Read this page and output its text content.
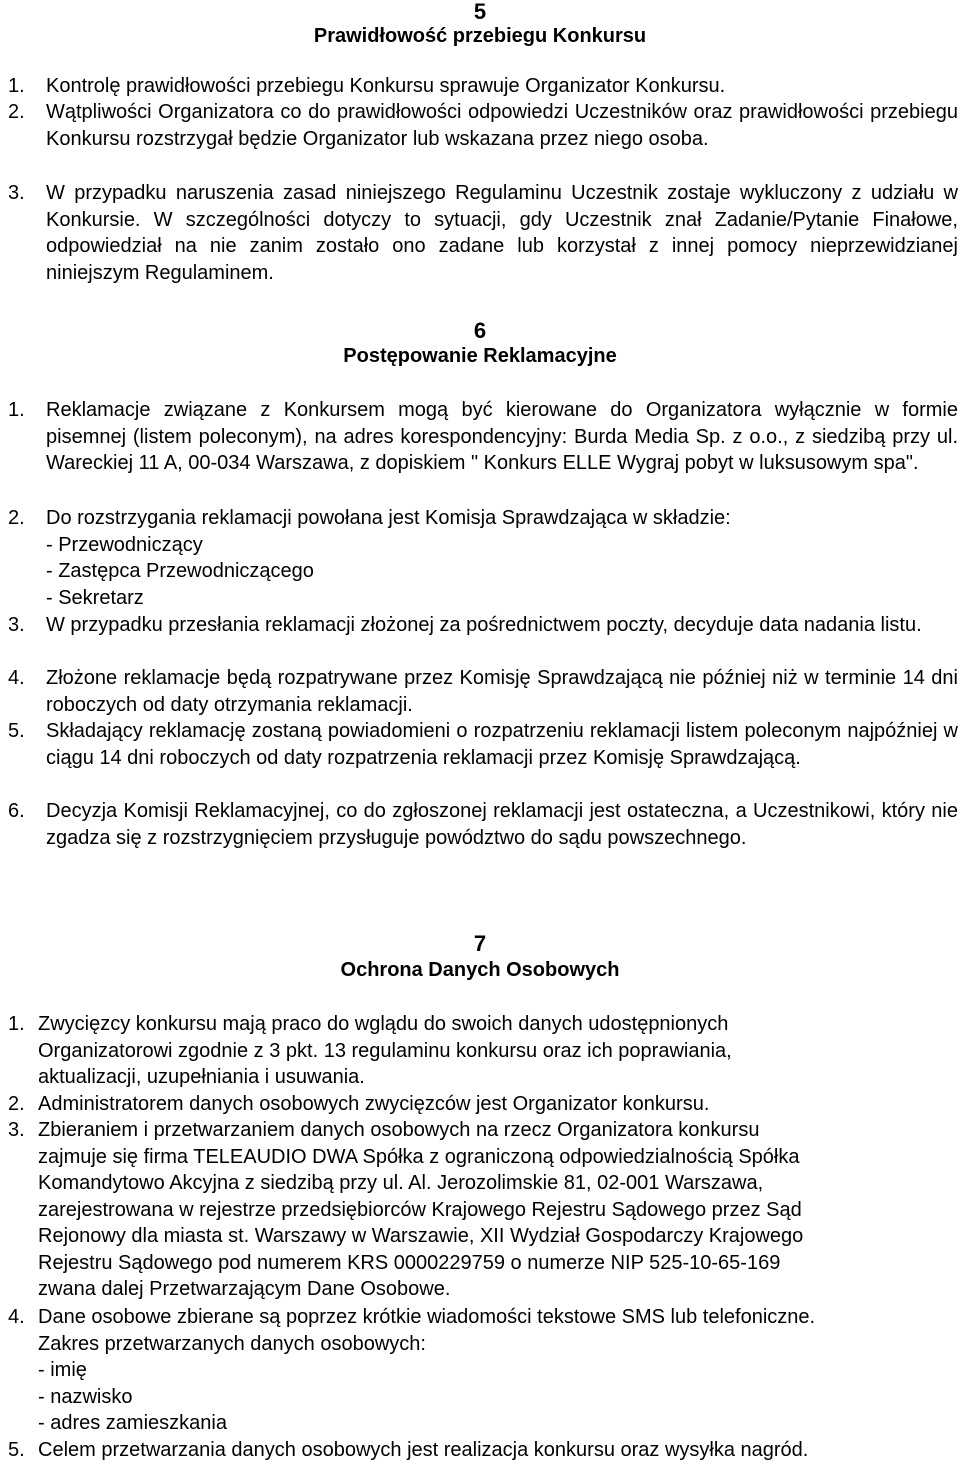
5
Prawidłowość przebiegu Konkursu
1. Kontrolę prawidłowości przebiegu Konkursu sprawuje Organizator Konkursu.
2. Wątpliwości Organizatora co do prawidłowości odpowiedzi Uczestników oraz prawidłowości przebiegu Konkursu rozstrzygał będzie Organizator lub wskazana przez niego osoba.
3. W przypadku naruszenia zasad niniejszego Regulaminu Uczestnik zostaje wykluczony z udziału w Konkursie. W szczególności dotyczy to sytuacji, gdy Uczestnik znał Zadanie/Pytanie Finałowe, odpowiedział na nie zanim zostało ono zadane lub korzystał z innej pomocy nieprzewidzianej niniejszym Regulaminem.
6
Postępowanie Reklamacyjne
1. Reklamacje związane z Konkursem mogą być kierowane do Organizatora wyłącznie w formie pisemnej (listem poleconym), na adres korespondencyjny: Burda Media Sp. z o.o., z siedzibą przy ul. Wareckiej 11 A, 00-034 Warszawa, z dopiskiem " Konkurs ELLE Wygraj pobyt w luksusowym spa".
2. Do rozstrzygania reklamacji powołana jest Komisja Sprawdzająca w składzie:
- Przewodniczący
- Zastępca Przewodniczącego
- Sekretarz
3. W przypadku przesłania reklamacji złożonej za pośrednictwem poczty, decyduje data nadania listu.
4. Złożone reklamacje będą rozpatrywane przez Komisję Sprawdzającą nie później niż w terminie 14 dni roboczych od daty otrzymania reklamacji.
5. Składający reklamację zostaną powiadomieni o rozpatrzeniu reklamacji listem poleconym najpóźniej w ciągu 14 dni roboczych od daty rozpatrzenia reklamacji przez Komisję Sprawdzającą.
6. Decyzja Komisji Reklamacyjnej, co do zgłoszonej reklamacji jest ostateczna, a Uczestnikowi, który nie zgadza się z rozstrzygnięciem przysługuje powództwo do sądu powszechnego.
7
Ochrona Danych Osobowych
1. Zwycięzcy konkursu mają praco do wglądu do swoich danych udostępnionych
Organizatorowi zgodnie z 3 pkt. 13 regulaminu konkursu oraz ich poprawiania,
aktualizacji, uzupełniania i usuwania.
2. Administratorem danych osobowych zwycięzców jest Organizator konkursu.
3. Zbieraniem i przetwarzaniem danych osobowych na rzecz Organizatora konkursu
zajmuje się firma TELEAUDIO DWA Spółka z ograniczoną odpowiedzialnością Spółka
Komandytowo Akcyjna z siedzibą przy ul. Al. Jerozolimskie 81, 02-001 Warszawa,
zarejestrowana w rejestrze przedsiębiorców Krajowego Rejestru Sądowego przez Sąd
Rejonowy dla miasta st. Warszawy w Warszawie, XII Wydział Gospodarczy Krajowego
Rejestru Sądowego pod numerem KRS 0000229759 o numerze NIP 525-10-65-169
zwana dalej Przetwarzającym Dane Osobowe.
4. Dane osobowe zbierane są poprzez krótkie wiadomości tekstowe SMS lub telefoniczne.
Zakres przetwarzanych danych osobowych:
- imię
- nazwisko
- adres zamieszkania
5. Celem przetwarzania danych osobowych jest realizacja konkursu oraz wysyłka nagród.
